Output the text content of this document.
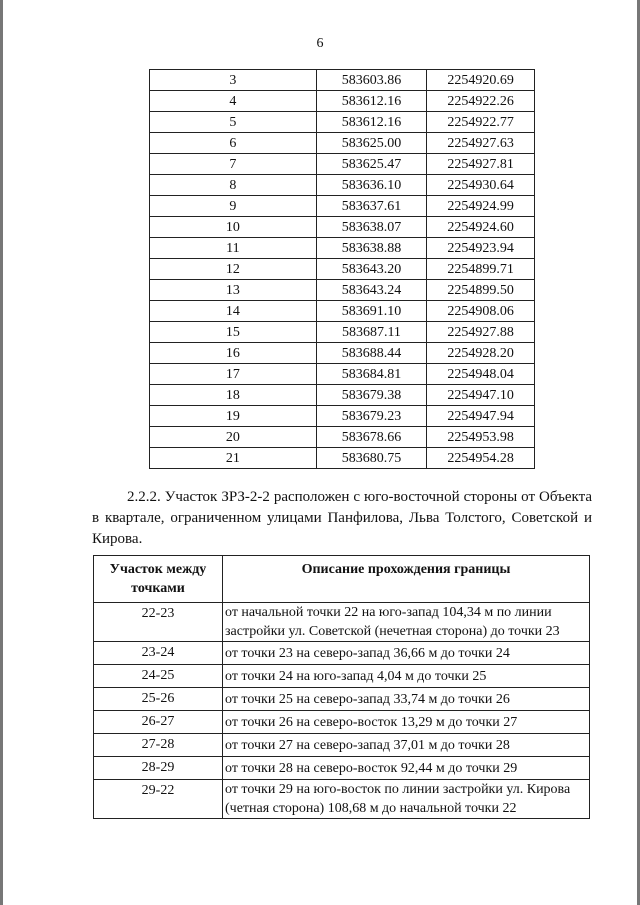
6
3	583603.86	2254920.69
4	583612.16	2254922.26
5	583612.16	2254922.77
6	583625.00	2254927.63
7	583625.47	2254927.81
8	583636.10	2254930.64
9	583637.61	2254924.99
10	583638.07	2254924.60
11	583638.88	2254923.94
12	583643.20	2254899.71
13	583643.24	2254899.50
14	583691.10	2254908.06
15	583687.11	2254927.88
16	583688.44	2254928.20
17	583684.81	2254948.04
18	583679.38	2254947.10
19	583679.23	2254947.94
20	583678.66	2254953.98
21	583680.75	2254954.28

2.2.2. Участок ЗРЗ-2-2 расположен с юго-восточной стороны от Объекта в квартале, ограниченном улицами Панфилова, Льва Толстого, Советской и Кирова.

Участок между точками	Описание прохождения границы
22-23	от начальной точки 22 на юго-запад 104,34 м по линии застройки ул. Советской (нечетная сторона) до точки 23
23-24	от точки 23 на северо-запад 36,66 м до точки 24
24-25	от точки 24 на юго-запад 4,04 м до точки 25
25-26	от точки 25 на северо-запад 33,74 м до точки 26
26-27	от точки 26 на северо-восток 13,29 м до точки 27
27-28	от точки 27 на северо-запад 37,01 м до точки 28
28-29	от точки 28 на северо-восток 92,44 м до точки 29
29-22	от точки 29 на юго-восток по линии застройки ул. Кирова (четная сторона) 108,68 м до начальной точки 22
